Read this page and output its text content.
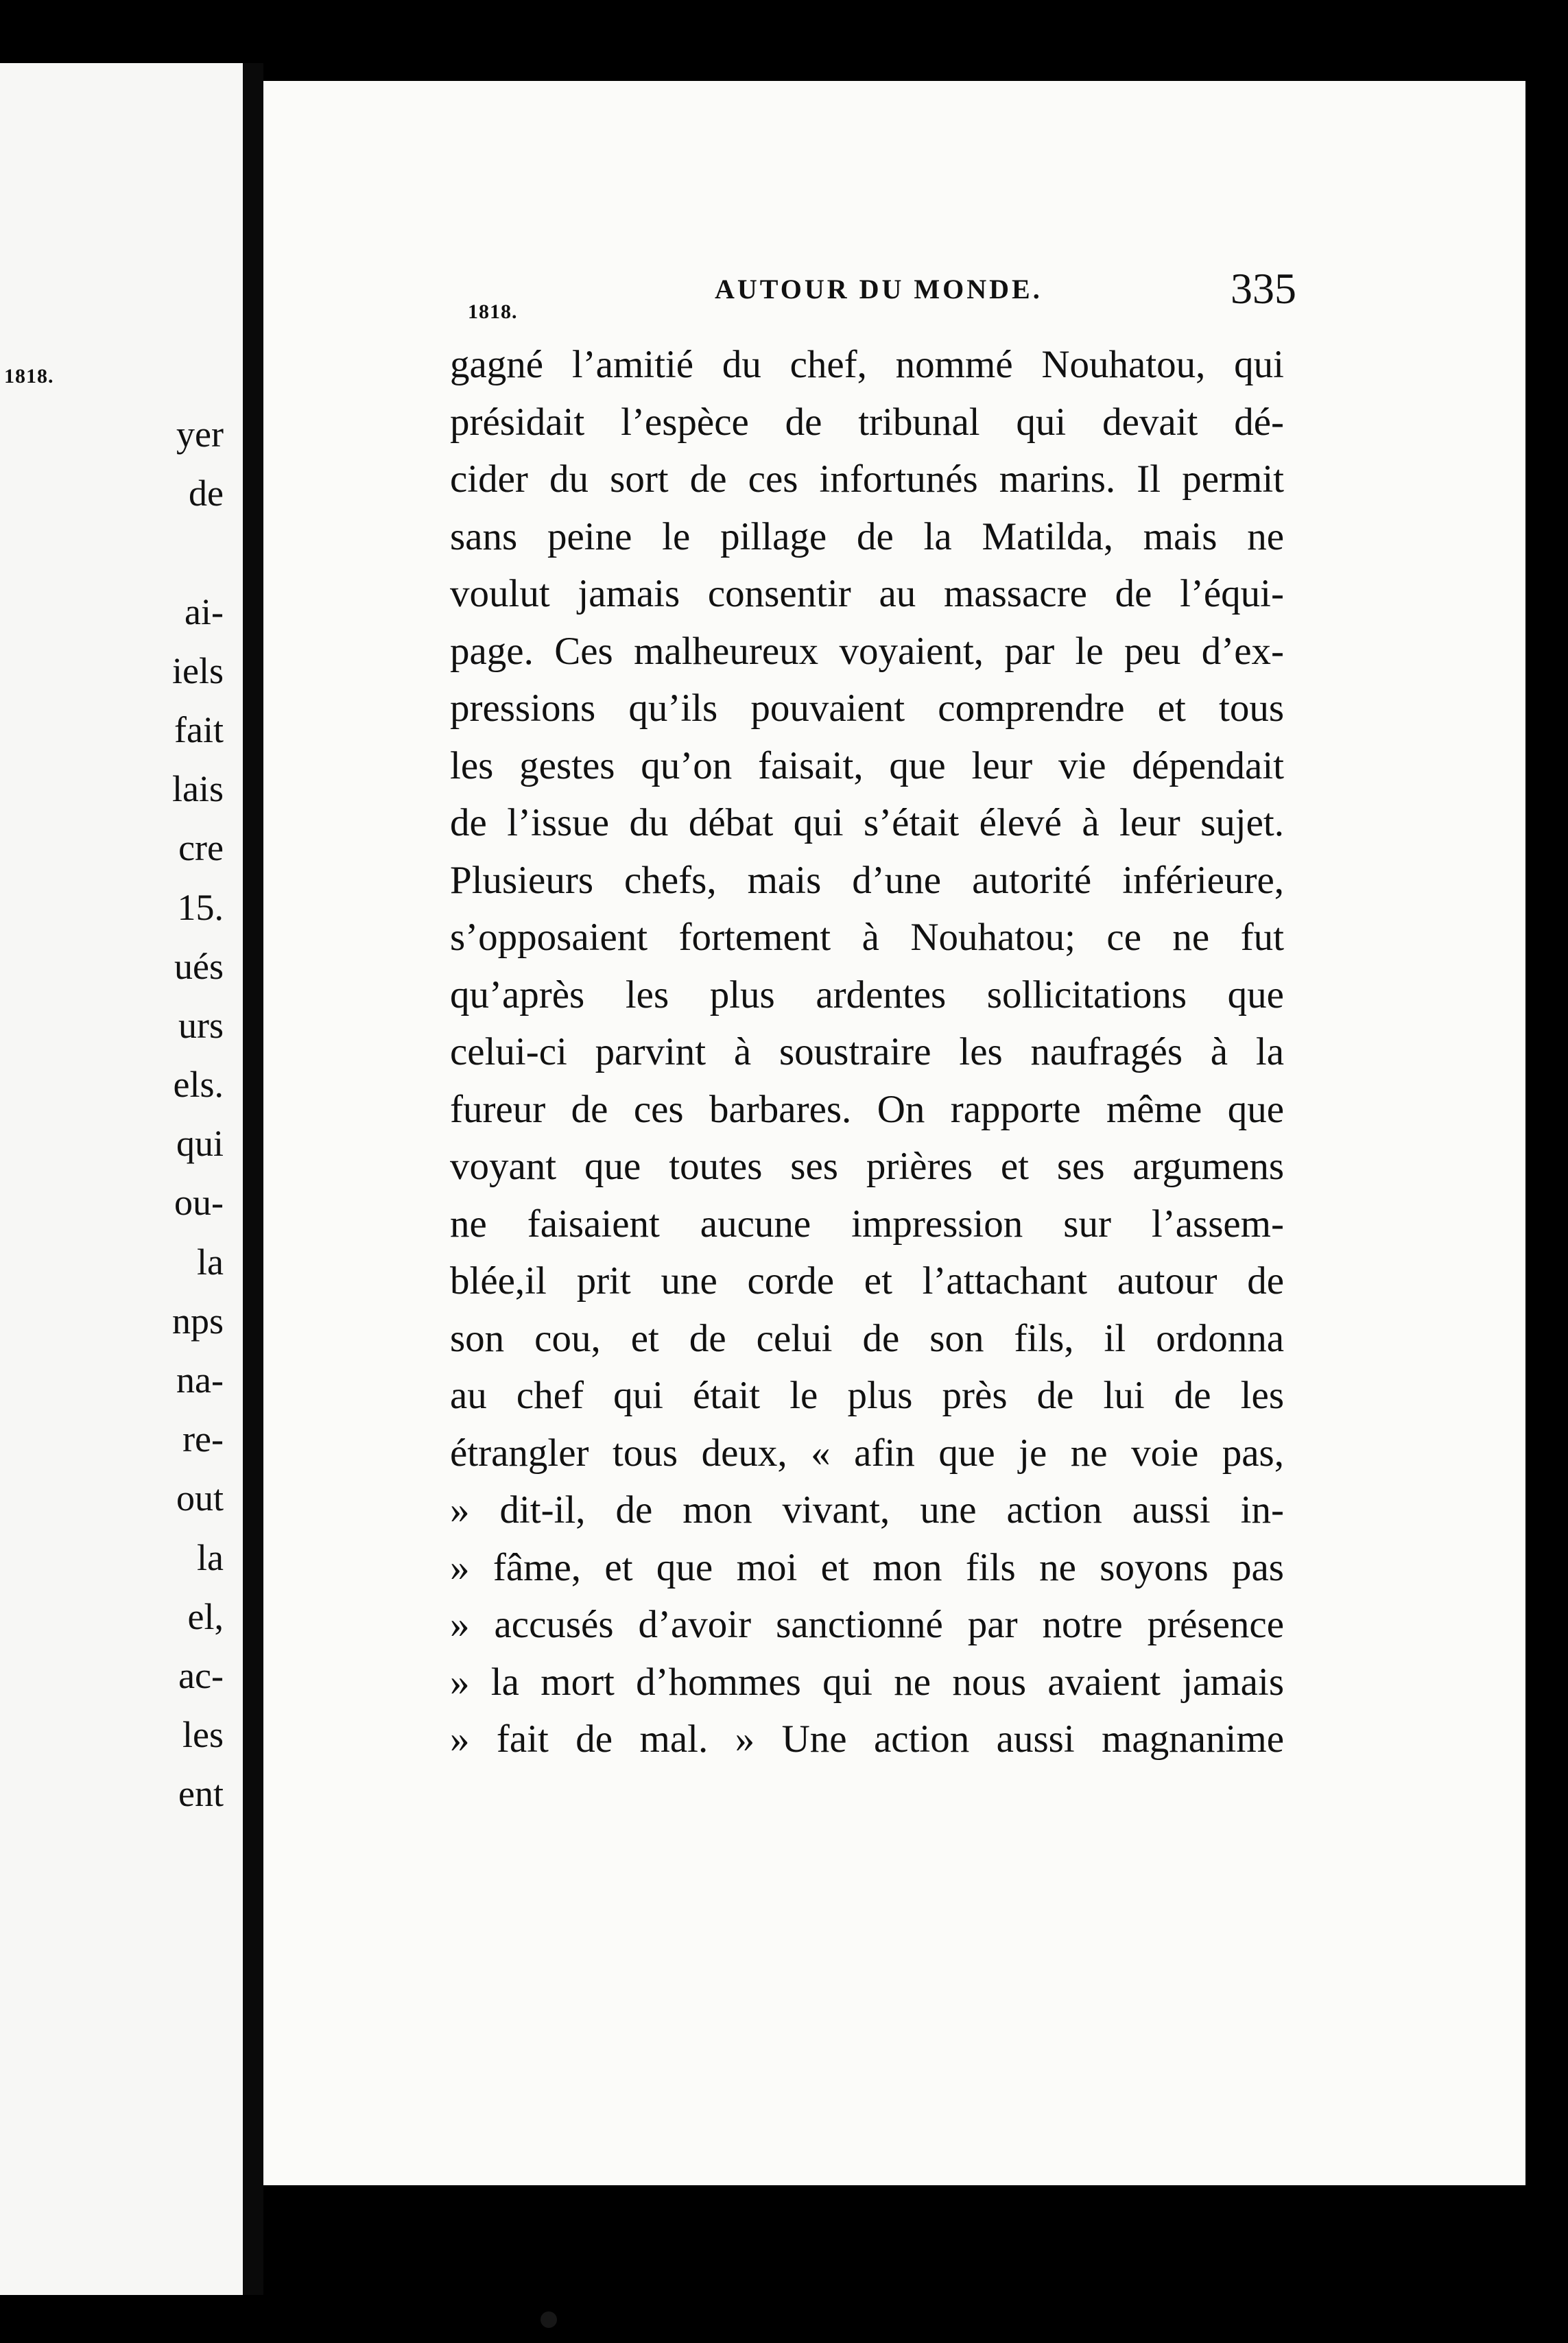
1818.
yer
de
ai-
iels
fait
lais
cre
15.
ués
urs
els.
qui
ou-
la
nps
na-
re-
out
la
el,
ac-
les
ent
AUTOUR DU MONDE.	335
1818.
gagné l’amitié du chef, nommé Nouhatou, qui
présidait l’espèce de tribunal qui devait dé-
cider du sort de ces infortunés marins. Il permit
sans peine le pillage de la Matilda, mais ne
voulut jamais consentir au massacre de l’équi-
page. Ces malheureux voyaient, par le peu d’ex-
pressions qu’ils pouvaient comprendre et tous
les gestes qu’on faisait, que leur vie dépendait
de l’issue du débat qui s’était élevé à leur sujet.
Plusieurs chefs, mais d’une autorité inférieure,
s’opposaient fortement à Nouhatou; ce ne fut
qu’après les plus ardentes sollicitations que
celui-ci parvint à soustraire les naufragés à la
fureur de ces barbares. On rapporte même que
voyant que toutes ses prières et ses argumens
ne faisaient aucune impression sur l’assem-
blée,il prit une corde et l’attachant autour de
son cou, et de celui de son fils, il ordonna
au chef qui était le plus près de lui de les
étrangler tous deux, « afin que je ne voie pas,
» dit-il, de mon vivant, une action aussi in-
» fâme, et que moi et mon fils ne soyons pas
» accusés d’avoir sanctionné par notre présence
» la mort d’hommes qui ne nous avaient jamais
» fait de mal. » Une action aussi magnanime
